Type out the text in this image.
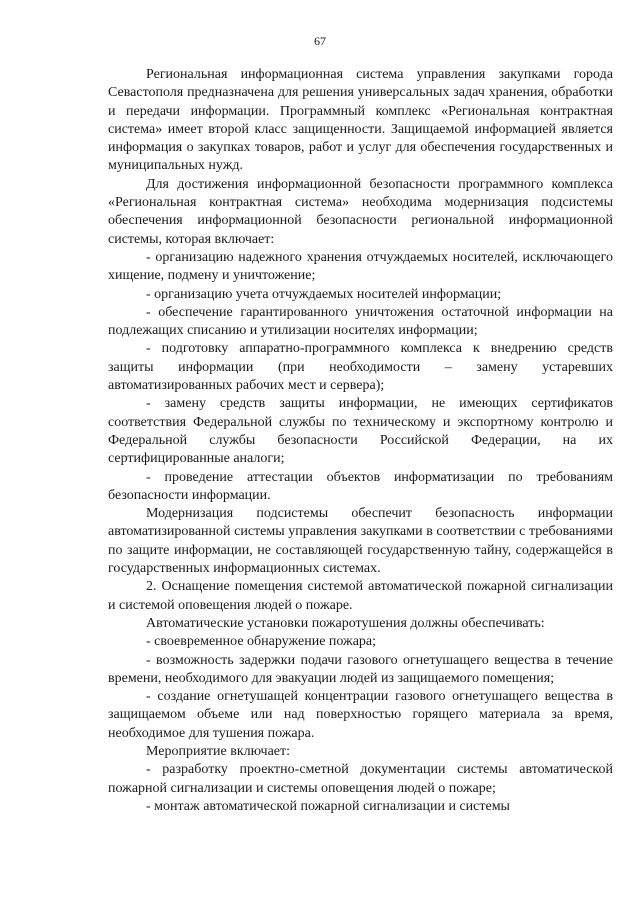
67

Региональная информационная система управления закупками города Севастополя предназначена для решения универсальных задач хранения, обработки и передачи информации. Программный комплекс «Региональная контрактная система» имеет второй класс защищенности. Защищаемой информацией является информация о закупках товаров, работ и услуг для обеспечения государственных и муниципальных нужд.

Для достижения информационной безопасности программного комплекса «Региональная контрактная система» необходима модернизация подсистемы обеспечения информационной безопасности региональной информационной системы, которая включает:

- организацию надежного хранения отчуждаемых носителей, исключающего хищение, подмену и уничтожение;

- организацию учета отчуждаемых носителей информации;

- обеспечение гарантированного уничтожения остаточной информации на подлежащих списанию и утилизации носителях информации;

- подготовку аппаратно-программного комплекса к внедрению средств защиты информации (при необходимости – замену устаревших автоматизированных рабочих мест и сервера);

- замену средств защиты информации, не имеющих сертификатов соответствия Федеральной службы по техническому и экспортному контролю и Федеральной службы безопасности Российской Федерации, на их сертифицированные аналоги;

- проведение аттестации объектов информатизации по требованиям безопасности информации.

Модернизация подсистемы обеспечит безопасность информации автоматизированной системы управления закупками в соответствии с требованиями по защите информации, не составляющей государственную тайну, содержащейся в государственных информационных системах.

2. Оснащение помещения системой автоматической пожарной сигнализации и системой оповещения людей о пожаре.

Автоматические установки пожаротушения должны обеспечивать:

- своевременное обнаружение пожара;

- возможность задержки подачи газового огнетушащего вещества в течение времени, необходимого для эвакуации людей из защищаемого помещения;

- создание огнетушащей концентрации газового огнетушащего вещества в защищаемом объеме или над поверхностью горящего материала за время, необходимое для тушения пожара.

Мероприятие включает:

- разработку проектно-сметной документации системы автоматической пожарной сигнализации и системы оповещения людей о пожаре;

- монтаж автоматической пожарной сигнализации и системы
